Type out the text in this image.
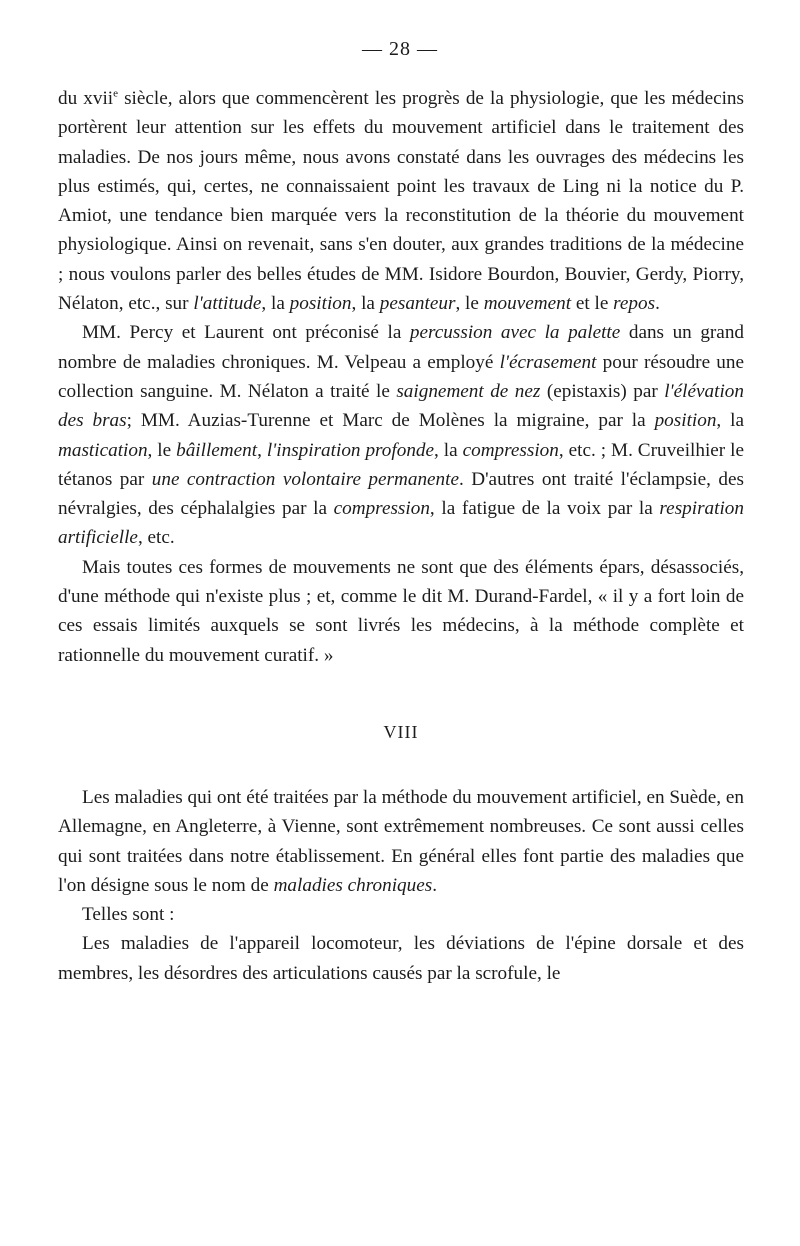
— 28 —

du xvii$^e$ siècle, alors que commencèrent les progrès de la physiologie, que les médecins portèrent leur attention sur les effets du mouvement artificiel dans le traitement des maladies. De nos jours même, nous avons constaté dans les ouvrages des médecins les plus estimés, qui, certes, ne connaissaient point les travaux de Ling ni la notice du P. Amiot, une tendance bien marquée vers la reconstitution de la théorie du mouvement physiologique. Ainsi on revenait, sans s'en douter, aux grandes traditions de la médecine ; nous voulons parler des belles études de MM. Isidore Bourdon, Bouvier, Gerdy, Piorry, Nélaton, etc., sur l'attitude, la position, la pesanteur, le mouvement et le repos.

MM. Percy et Laurent ont préconisé la percussion avec la palette dans un grand nombre de maladies chroniques. M. Velpeau a employé l'écrasement pour résoudre une collection sanguine. M. Nélaton a traité le saignement de nez (epistaxis) par l'élévation des bras; MM. Auzias-Turenne et Marc de Molènes la migraine, par la position, la mastication, le bâillement, l'inspiration profonde, la compression, etc. ; M. Cruveilhier le tétanos par une contraction volontaire permanente. D'autres ont traité l'éclampsie, des névralgies, des céphalalgies par la compression, la fatigue de la voix par la respiration artificielle, etc.

Mais toutes ces formes de mouvements ne sont que des éléments épars, désassociés, d'une méthode qui n'existe plus ; et, comme le dit M. Durand-Fardel, « il y a fort loin de ces essais limités auxquels se sont livrés les médecins, à la méthode complète et rationnelle du mouvement curatif. »

VIII

Les maladies qui ont été traitées par la méthode du mouvement artificiel, en Suède, en Allemagne, en Angleterre, à Vienne, sont extrêmement nombreuses. Ce sont aussi celles qui sont traitées dans notre établissement. En général elles font partie des maladies que l'on désigne sous le nom de maladies chroniques.

Telles sont :

Les maladies de l'appareil locomoteur, les déviations de l'épine dorsale et des membres, les désordres des articulations causés par la scrofule, le
